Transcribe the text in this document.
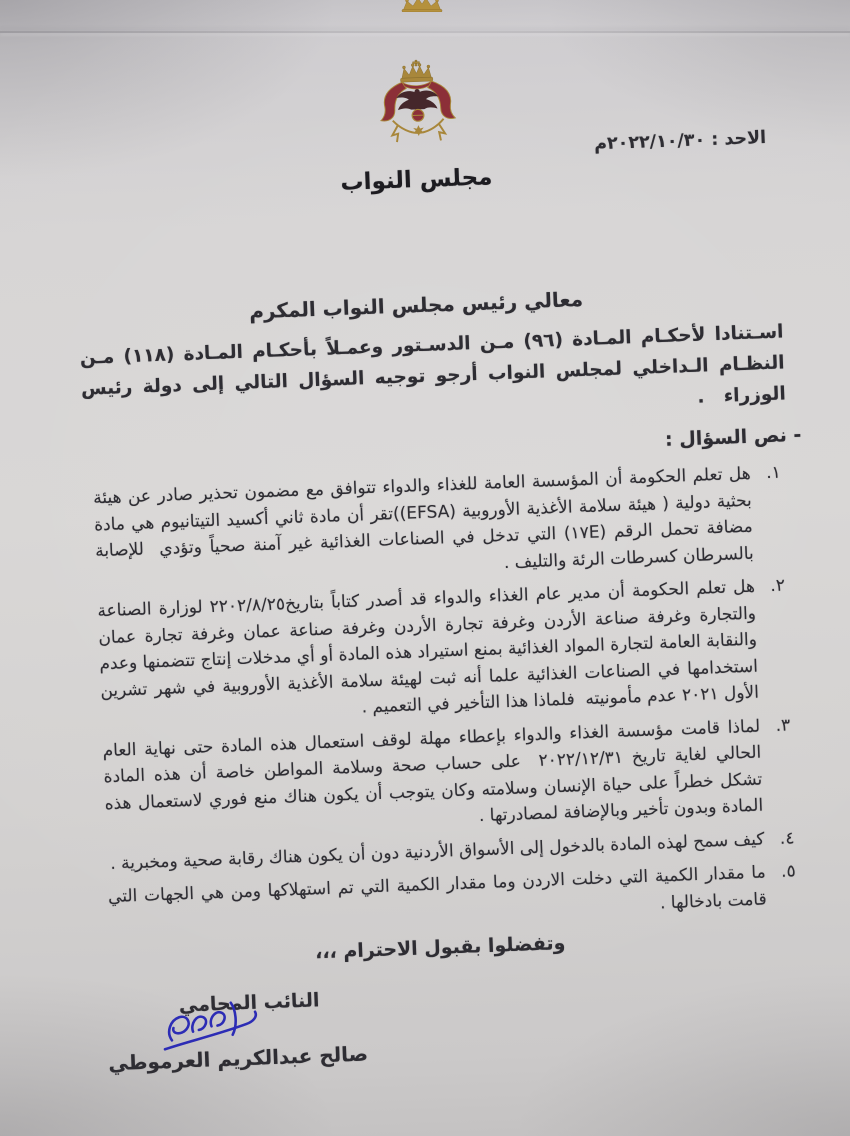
مجلس النواب
الاحد : ٢٠٢٢/١٠/٣٠م
معالي رئيس مجلس النواب المكرم
اسـتنادا لأحكـام المـادة (٩٦) مـن الدسـتور وعمـلاً بأحكـام المـادة (١١٨) مـن النظـام الـداخلي لمجلس النواب أرجو توجيه السؤال التالي إلى دولة رئيس الوزراء   .
- نص السؤال :
١.
هل تعلم الحكومة أن المؤسسة العامة للغذاء والدواء تتوافق مع مضمون تحذير صادر عن هيئة بحثية دولية ( هيئة سلامة الأغذية الأوروبية ‭((EFSA)‬تقر أن مادة ثاني أكسيد التيتانيوم هي مادة مضافة تحمل الرقم ‭(١٧E)‬ التي تدخل في الصناعات الغذائية غير آمنة صحياً وتؤدي  للإصابة بالسرطان كسرطات الرئة والتليف .
٢.
هل تعلم الحكومة أن مدير عام الغذاء والدواء قد أصدر كتاباً بتاريخ٢٢٠٢/٨/٢٥ لوزارة الصناعة والتجارة وغرفة صناعة الأردن وغرفة تجارة الأردن وغرفة صناعة عمان وغرفة تجارة عمان والنقابة العامة لتجارة المواد الغذائية بمنع استيراد هذه المادة أو أي مدخلات إنتاج تتضمنها وعدم استخدامها في الصناعات الغذائية علما أنه ثبت لهيئة سلامة الأغذية الأوروبية في شهر تشرين الأول ٢٠٢١ عدم مأمونيته  فلماذا هذا التأخير في التعميم .
٣.
لماذا قامت مؤسسة الغذاء والدواء بإعطاء مهلة لوقف استعمال هذه المادة حتى نهاية العام الحالي لغاية تاريخ ٢٠٢٢/١٢/٣١  على حساب صحة وسلامة المواطن خاصة أن هذه المادة تشكل خطراً على حياة الإنسان وسلامته وكان يتوجب أن يكون هناك منع فوري لاستعمال هذه المادة وبدون تأخير وبالإضافة لمصادرتها .
٤.
كيف سمح لهذه المادة بالدخول إلى الأسواق الأردنية دون أن يكون هناك رقابة صحية ومخبرية . ٥.
ما مقدار الكمية التي دخلت الاردن وما مقدار الكمية التي تم استهلاكها ومن هي الجهات التي قامت بادخالها .
وتفضلوا بقبول الاحترام ،،،
النائب المحامي
صالح عبدالكريم العرموطي
